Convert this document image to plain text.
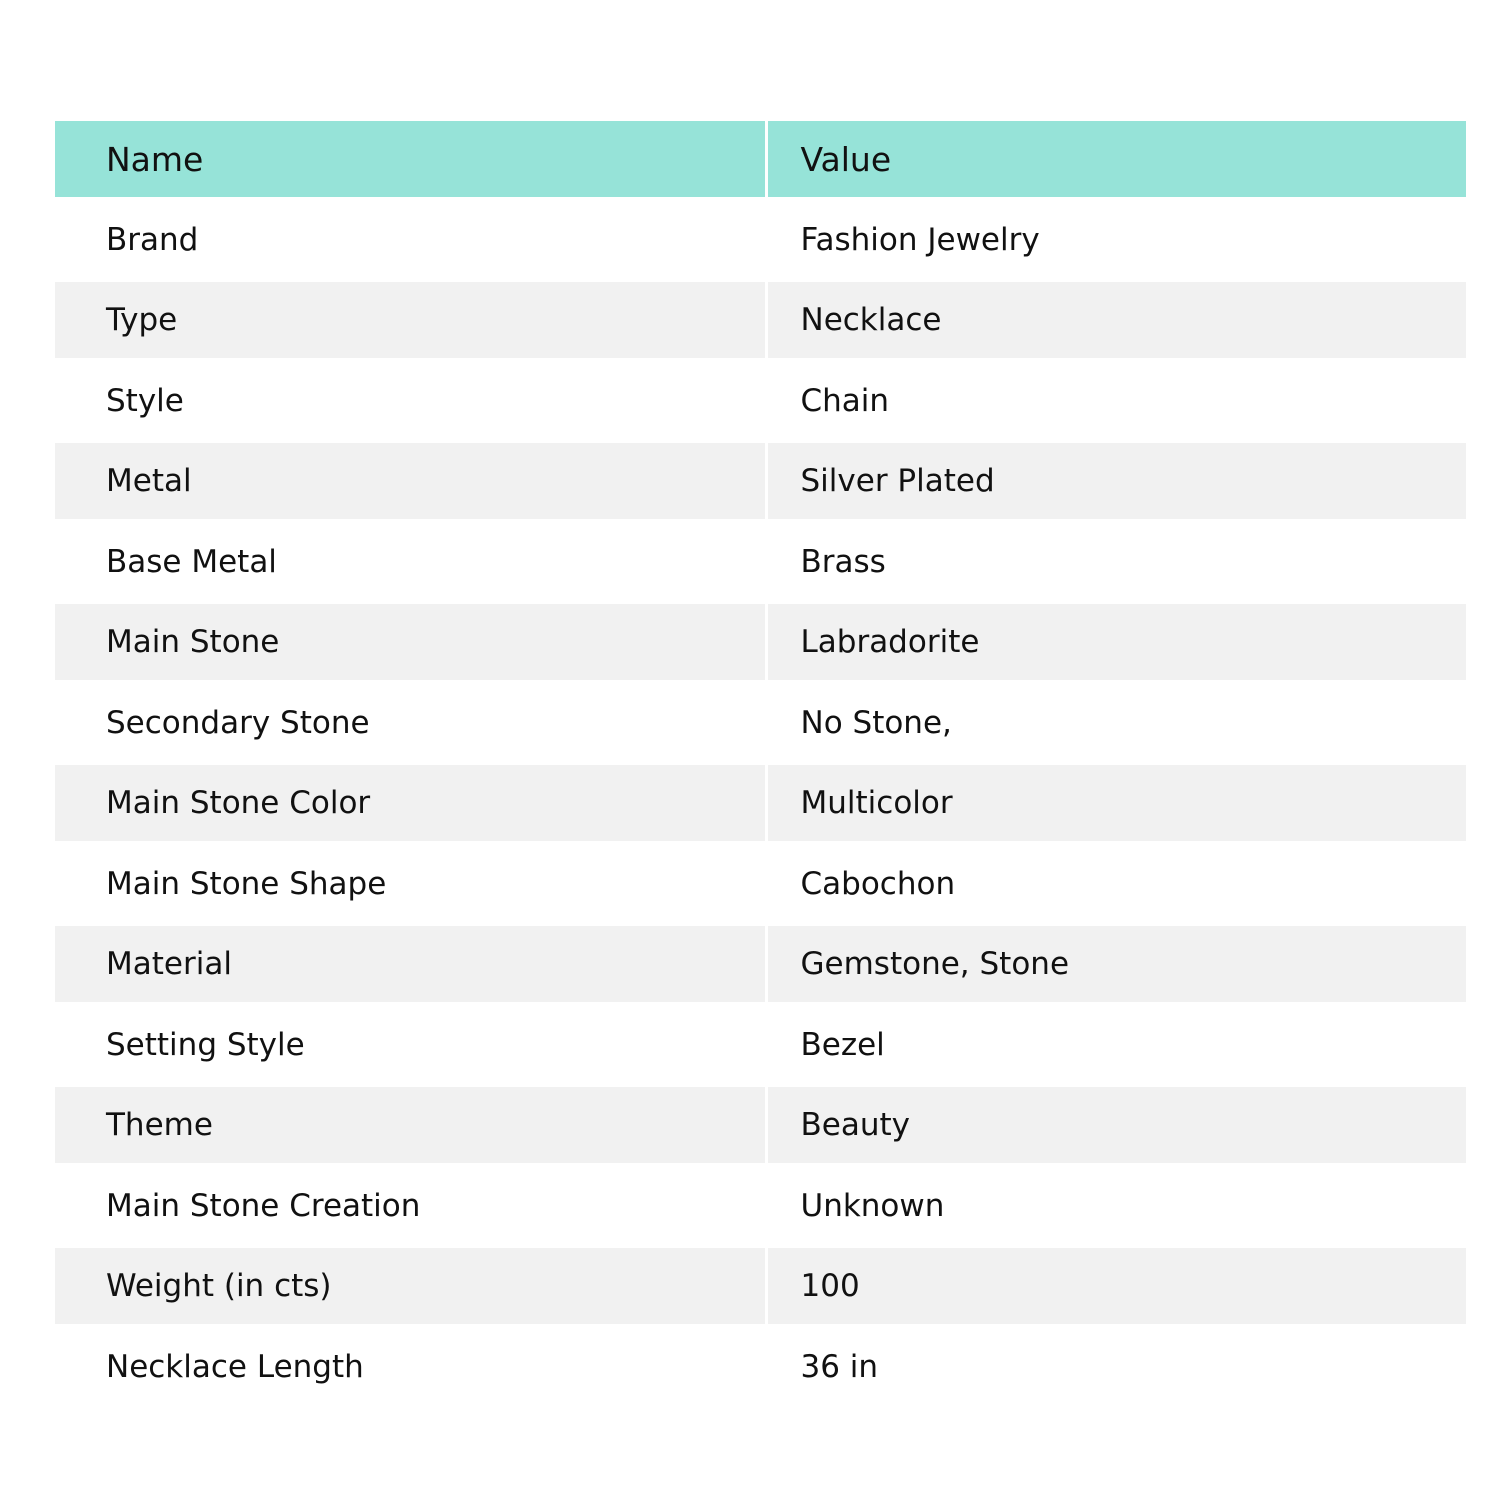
Name	Value
Brand	Fashion Jewelry
Type	Necklace
Style	Chain
Metal	Silver Plated
Base Metal	Brass
Main Stone	Labradorite
Secondary Stone	No Stone,
Main Stone Color	Multicolor
Main Stone Shape	Cabochon
Material	Gemstone, Stone
Setting Style	Bezel
Theme	Beauty
Main Stone Creation	Unknown
Weight (in cts)	100
Necklace Length	36 in
